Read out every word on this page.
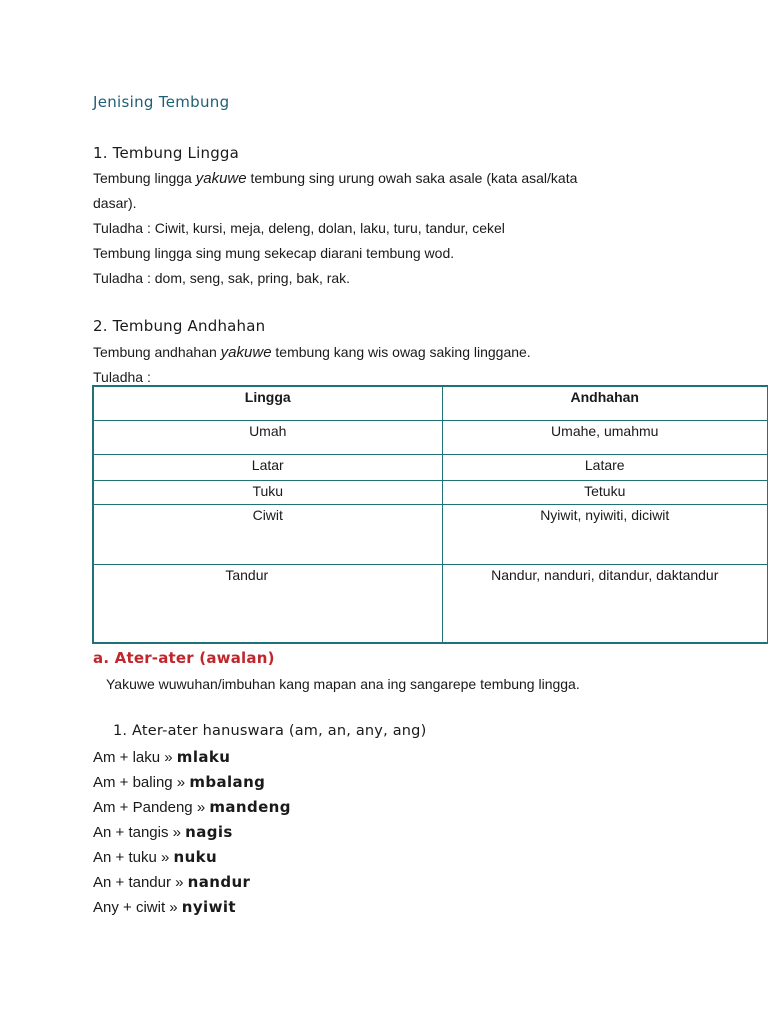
Jenising Tembung
1. Tembung Lingga
Tembung lingga yakuwe tembung sing urung owah saka asale (kata asal/kata
dasar).
Tuladha : Ciwit, kursi, meja, deleng, dolan, laku, turu, tandur, cekel
Tembung lingga sing mung sekecap diarani tembung wod.
Tuladha : dom, seng, sak, pring, bak, rak.
2. Tembung Andhahan
Tembung andhahan yakuwe tembung kang wis owag saking linggane.
Tuladha :
Lingga	Andhahan
Umah	Umahe, umahmu
Latar	Latare
Tuku	Tetuku
Ciwit	Nyiwit, nyiwiti, diciwit
Tandur	Nandur, nanduri, ditandur, daktandur
a. Ater-ater (awalan)
Yakuwe wuwuhan/imbuhan kang mapan ana ing sangarepe tembung lingga.
1. Ater-ater hanuswara (am, an, any, ang)
Am + laku » mlaku
Am + baling » mbalang
Am + Pandeng » mandeng
An + tangis » nagis
An + tuku » nuku
An + tandur » nandur
Any + ciwit » nyiwit
